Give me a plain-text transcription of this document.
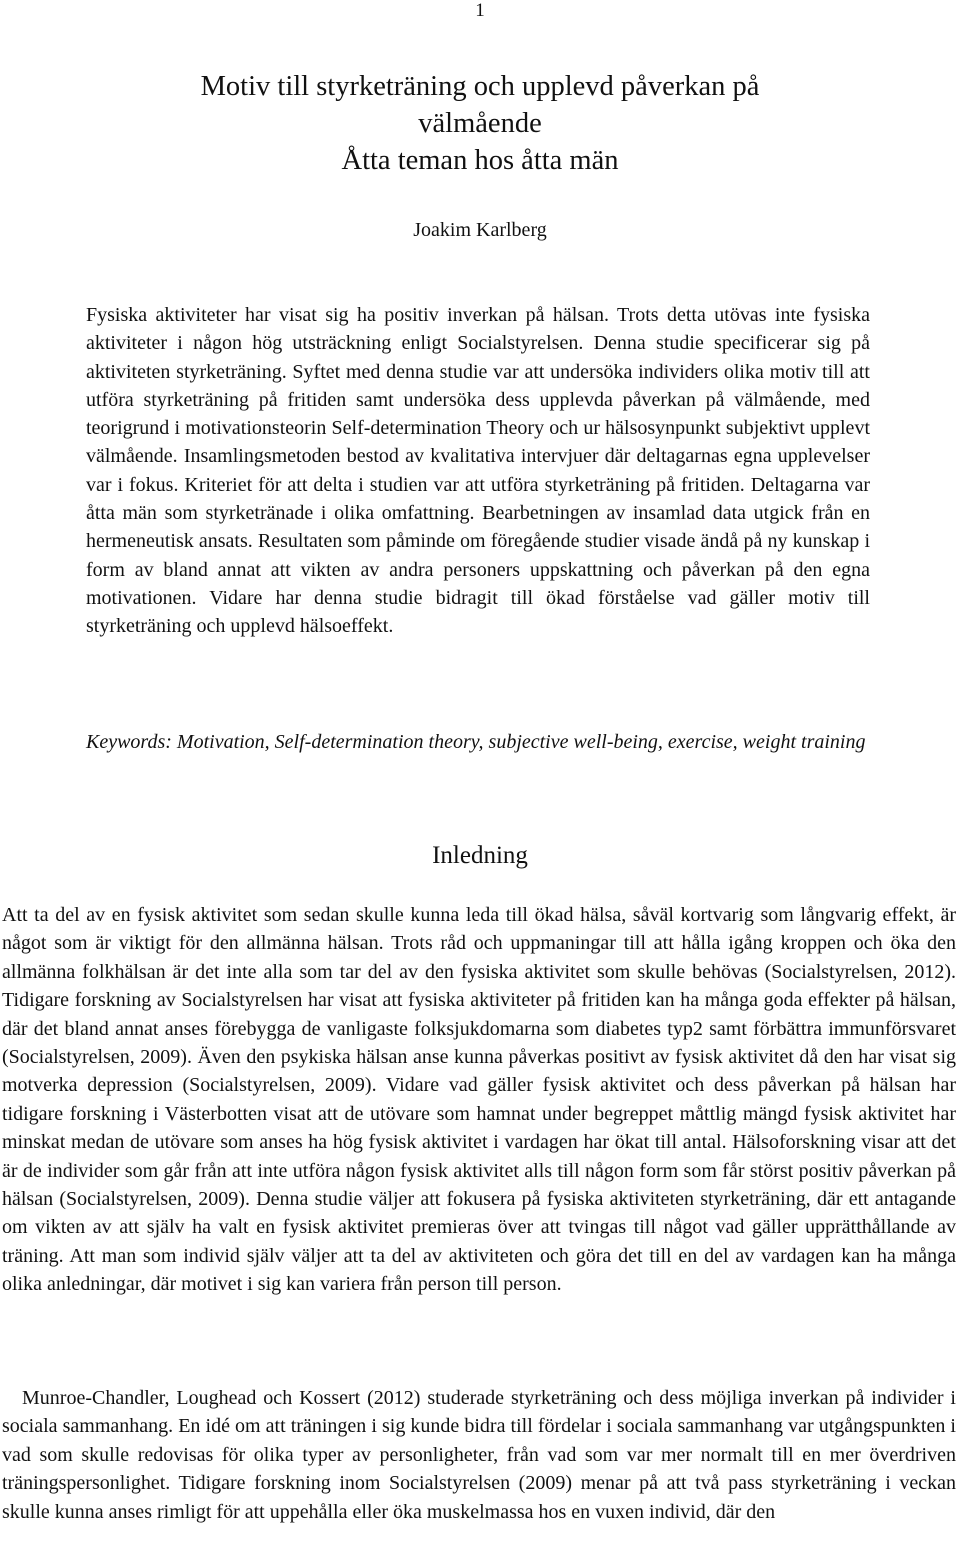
1
Motiv till styrketräning och upplevd påverkan på
välmående
Åtta teman hos åtta män
Joakim Karlberg

Fysiska aktiviteter har visat sig ha positiv inverkan på hälsan. Trots detta utövas inte fysiska aktiviteter i någon hög utsträckning enligt Socialstyrelsen. Denna studie specificerar sig på aktiviteten styrketräning. Syftet med denna studie var att undersöka individers olika motiv till att utföra styrketräning på fritiden samt undersöka dess upplevda påverkan på välmående, med teorigrund i motivationsteorin Self-determination Theory och ur hälsosynpunkt subjektivt upplevt välmående. Insamlingsmetoden bestod av kvalitativa intervjuer där deltagarnas egna upplevelser var i fokus. Kriteriet för att delta i studien var att utföra styrketräning på fritiden. Deltagarna var åtta män som styrketränade i olika omfattning. Bearbetningen av insamlad data utgick från en hermeneutisk ansats. Resultaten som påminde om föregående studier visade ändå på ny kunskap i form av bland annat att vikten av andra personers uppskattning och påverkan på den egna motivationen. Vidare har denna studie bidragit till ökad förståelse vad gäller motiv till styrketräning och upplevd hälsoeffekt.

Keywords: Motivation, Self-determination theory, subjective well-being, exercise, weight training

Inledning

Att ta del av en fysisk aktivitet som sedan skulle kunna leda till ökad hälsa, såväl kortvarig som långvarig effekt, är något som är viktigt för den allmänna hälsan. Trots råd och uppmaningar till att hålla igång kroppen och öka den allmänna folkhälsan är det inte alla som tar del av den fysiska aktivitet som skulle behövas (Socialstyrelsen, 2012). Tidigare forskning av Socialstyrelsen har visat att fysiska aktiviteter på fritiden kan ha många goda effekter på hälsan, där det bland annat anses förebygga de vanligaste folksjukdomarna som diabetes typ2 samt förbättra immunförsvaret (Socialstyrelsen, 2009). Även den psykiska hälsan anse kunna påverkas positivt av fysisk aktivitet då den har visat sig motverka depression (Socialstyrelsen, 2009). Vidare vad gäller fysisk aktivitet och dess påverkan på hälsan har tidigare forskning i Västerbotten visat att de utövare som hamnat under begreppet måttlig mängd fysisk aktivitet har minskat medan de utövare som anses ha hög fysisk aktivitet i vardagen har ökat till antal. Hälsoforskning visar att det är de individer som går från att inte utföra någon fysisk aktivitet alls till någon form som får störst positiv påverkan på hälsan (Socialstyrelsen, 2009). Denna studie väljer att fokusera på fysiska aktiviteten styrketräning, där ett antagande om vikten av att själv ha valt en fysisk aktivitet premieras över att tvingas till något vad gäller upprätthållande av träning. Att man som individ själv väljer att ta del av aktiviteten och göra det till en del av vardagen kan ha många olika anledningar, där motivet i sig kan variera från person till person.

Munroe-Chandler, Loughead och Kossert (2012) studerade styrketräning och dess möjliga inverkan på individer i sociala sammanhang. En idé om att träningen i sig kunde bidra till fördelar i sociala sammanhang var utgångspunkten i vad som skulle redovisas för olika typer av personligheter, från vad som var mer normalt till en mer överdriven träningspersonlighet. Tidigare forskning inom Socialstyrelsen (2009) menar på att två pass styrketräning i veckan skulle kunna anses rimligt för att uppehålla eller öka muskelmassa hos en vuxen individ, där den
